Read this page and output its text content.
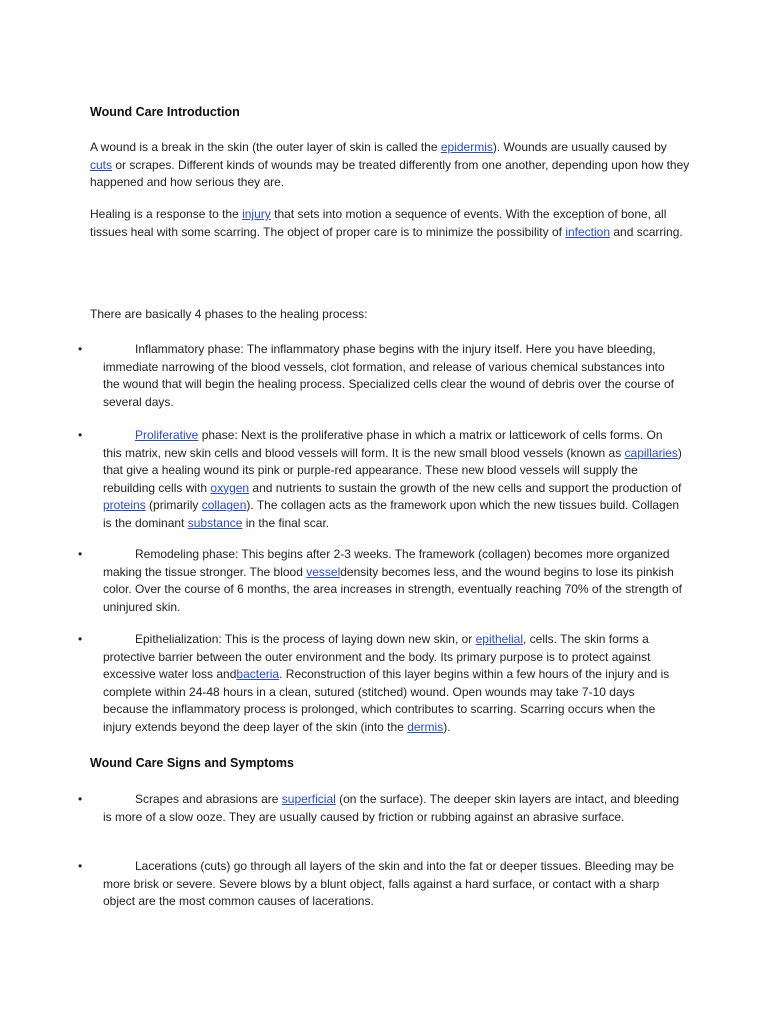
Wound Care Introduction

A wound is a break in the skin (the outer layer of skin is called the epidermis). Wounds are usually caused by cuts or scrapes. Different kinds of wounds may be treated differently from one another, depending upon how they happened and how serious they are.

Healing is a response to the injury that sets into motion a sequence of events. With the exception of bone, all tissues heal with some scarring. The object of proper care is to minimize the possibility of infection and scarring.

There are basically 4 phases to the healing process:

•	Inflammatory phase: The inflammatory phase begins with the injury itself. Here you have bleeding, immediate narrowing of the blood vessels, clot formation, and release of various chemical substances into the wound that will begin the healing process. Specialized cells clear the wound of debris over the course of several days.
•	Proliferative phase: Next is the proliferative phase in which a matrix or latticework of cells forms. On this matrix, new skin cells and blood vessels will form. It is the new small blood vessels (known as capillaries) that give a healing wound its pink or purple-red appearance. These new blood vessels will supply the rebuilding cells with oxygen and nutrients to sustain the growth of the new cells and support the production of proteins (primarily collagen). The collagen acts as the framework upon which the new tissues build. Collagen is the dominant substance in the final scar.
•	Remodeling phase: This begins after 2-3 weeks. The framework (collagen) becomes more organized making the tissue stronger. The blood vesseldensity becomes less, and the wound begins to lose its pinkish color. Over the course of 6 months, the area increases in strength, eventually reaching 70% of the strength of uninjured skin.
•	Epithelialization: This is the process of laying down new skin, or epithelial, cells. The skin forms a protective barrier between the outer environment and the body. Its primary purpose is to protect against excessive water loss andbacteria. Reconstruction of this layer begins within a few hours of the injury and is complete within 24-48 hours in a clean, sutured (stitched) wound. Open wounds may take 7-10 days because the inflammatory process is prolonged, which contributes to scarring. Scarring occurs when the injury extends beyond the deep layer of the skin (into the dermis).
Wound Care Signs and Symptoms
•	Scrapes and abrasions are superficial (on the surface). The deeper skin layers are intact, and bleeding is more of a slow ooze. They are usually caused by friction or rubbing against an abrasive surface.
•	Lacerations (cuts) go through all layers of the skin and into the fat or deeper tissues. Bleeding may be more brisk or severe. Severe blows by a blunt object, falls against a hard surface, or contact with a sharp object are the most common causes of lacerations.
